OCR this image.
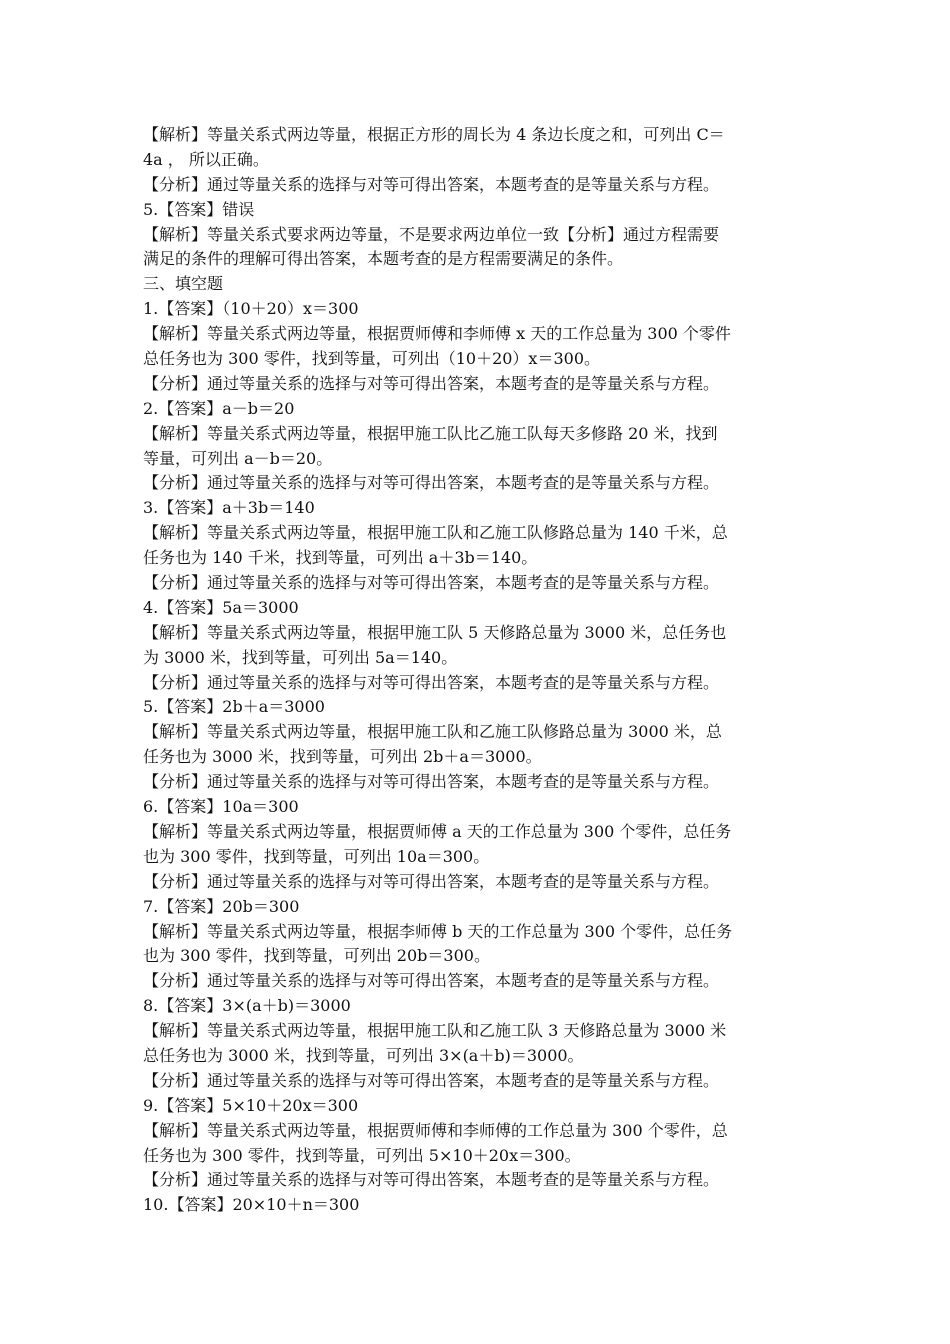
【解析】等量关系式两边等量，根据正方形的周长为 4 条边长度之和，可列出 C＝
4a ， 所以正确。
【分析】通过等量关系的选择与对等可得出答案，本题考查的是等量关系与方程。
5.【答案】错误
【解析】等量关系式要求两边等量，不是要求两边单位一致【分析】通过方程需要
满足的条件的理解可得出答案，本题考查的是方程需要满足的条件。
三、填空题
1.【答案】（10＋20）x＝300
【解析】等量关系式两边等量，根据贾师傅和李师傅 x 天的工作总量为 300 个零件
总任务也为 300 零件，找到等量，可列出（10＋20）x＝300。
【分析】通过等量关系的选择与对等可得出答案，本题考查的是等量关系与方程。
2.【答案】a－b＝20
【解析】等量关系式两边等量，根据甲施工队比乙施工队每天多修路 20 米，找到
等量，可列出 a－b＝20。
【分析】通过等量关系的选择与对等可得出答案，本题考查的是等量关系与方程。
3.【答案】a＋3b＝140
【解析】等量关系式两边等量，根据甲施工队和乙施工队修路总量为 140 千米，总
任务也为 140 千米，找到等量，可列出 a＋3b＝140。
【分析】通过等量关系的选择与对等可得出答案，本题考查的是等量关系与方程。
4.【答案】5a＝3000
【解析】等量关系式两边等量，根据甲施工队 5 天修路总量为 3000 米，总任务也
为 3000 米，找到等量，可列出 5a＝140。
【分析】通过等量关系的选择与对等可得出答案，本题考查的是等量关系与方程。
5.【答案】2b＋a＝3000
【解析】等量关系式两边等量，根据甲施工队和乙施工队修路总量为 3000 米，总
任务也为 3000 米，找到等量，可列出 2b＋a＝3000。
【分析】通过等量关系的选择与对等可得出答案，本题考查的是等量关系与方程。
6.【答案】10a＝300
【解析】等量关系式两边等量，根据贾师傅 a 天的工作总量为 300 个零件，总任务
也为 300 零件，找到等量，可列出 10a＝300。
【分析】通过等量关系的选择与对等可得出答案，本题考查的是等量关系与方程。
7.【答案】20b＝300
【解析】等量关系式两边等量，根据李师傅 b 天的工作总量为 300 个零件，总任务
也为 300 零件，找到等量，可列出 20b＝300。
【分析】通过等量关系的选择与对等可得出答案，本题考查的是等量关系与方程。
8.【答案】3×(a＋b)＝3000
【解析】等量关系式两边等量，根据甲施工队和乙施工队 3 天修路总量为 3000 米
总任务也为 3000 米，找到等量，可列出 3×(a＋b)＝3000。
【分析】通过等量关系的选择与对等可得出答案，本题考查的是等量关系与方程。
9.【答案】5×10＋20x＝300
【解析】等量关系式两边等量，根据贾师傅和李师傅的工作总量为 300 个零件，总
任务也为 300 零件，找到等量，可列出 5×10＋20x＝300。
【分析】通过等量关系的选择与对等可得出答案，本题考查的是等量关系与方程。
10.【答案】20×10＋n＝300
